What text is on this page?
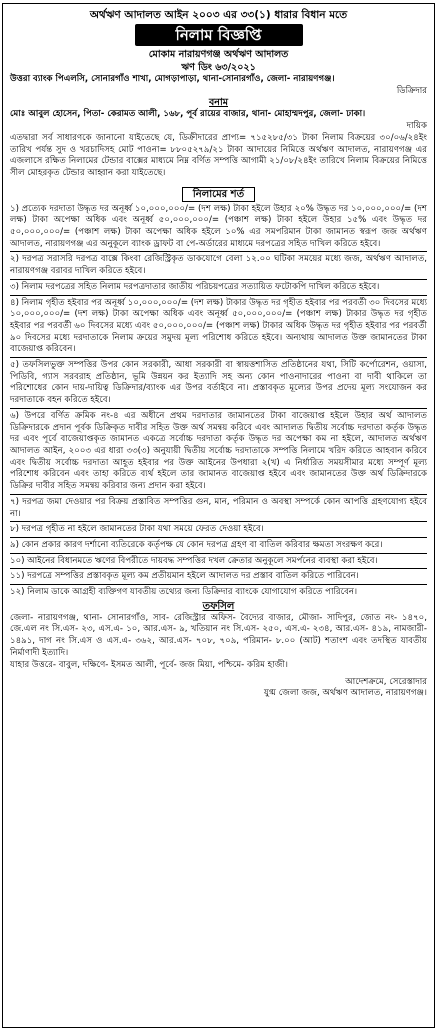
অর্থঋণ আদালত আইন ২০০৩ এর ৩৩(১) ধারার বিধান মতে
নিলাম বিজ্ঞপ্তি
মোকাম নারায়ণগঞ্জ অর্থঋণ আদালত
ঋণ ডিং ৬৩/২০২১
উত্তরা ব্যাংক পিএলসি, সোনারগাঁও শাখা, মোগড়াপাড়া, থানা-সোনারগাঁও, জেলা- নারায়ণগঞ্জ।
ডিক্রিদার
বনাম
মোঃ আবুল হোসেন, পিতা- কেরামত আলী, ১৬৮, পূর্ব রায়ের বাজার, থানা- মোহাম্মদপুর, জেলা- ঢাকা।
দায়িক

এতদ্বারা সর্ব সাধারণকে জানানো যাইতেছে যে, ডিক্রীদারের প্রাপ্য= ৭১৫২৮৫/৩১ টাকা নিলাম বিক্রয়ের ৩০/০৬/২৪ইং তারিখ পর্যন্ত সুদ ও খরচাদিসহ মোট পাওনা= ৮৮০৫২৭৯/২১ টাকা আদায়ের নিমিত্তে অর্থঋণ আদালত, নারায়ণগঞ্জ এর এজলাসে রক্ষিত নিলামের টেন্ডার বাক্সের মাধ্যমে নিম্ন বর্ণিত সম্পত্তি আগামী ২১/০৮/২৪ইং তারিখে নিলাম বিক্রয়ের নিমিত্তে সীল মোহরকৃত টেন্ডার আহ্বান করা যাইতেছে।

নিলামের শর্ত

১) প্রত্যেক দরদাতা উদ্ধৃত দর অনূর্ধ্ব ১০,০০০,০০০/= (দশ লক্ষ) টাকা হইলে উহার ২০% উদ্ধৃত দর ১০,০০০,০০০/= (দশ লক্ষ) টাকা অপেক্ষা অধিক এবং অনূর্ধ্ব ৫০,০০০,০০০/= (পঞ্চাশ লক্ষ) টাকা হইলে উহার ১৫% এবং উদ্ধৃত দর ৫০,০০০,০০০/= (পঞ্চাশ লক্ষ) টাকা অপেক্ষা অধিক হইলে ১০% এর সমপরিমান টাকা জামানত স্বরূপ জজ অর্থঋণ আদালত, নারায়ণগঞ্জ এর অনুকূলে ব্যাংক ড্রাফট বা পে-অর্ডারের মাধ্যমে দরপত্রের সহিত দাখিল করিতে হইবে।

২) দরপত্র সরাসরি দরপত্র বাক্সে কিংবা রেজিস্ট্রিকৃত ডাকযোগে বেলা ১২.০০ ঘটিকা সময়ের মধ্যে জজ, অর্থঋণ আদালত, নারায়ণগঞ্জ বরাবর দাখিল করিতে হইবে।

৩) নিলাম দরপত্রের সহিত নিলাম দরপত্রদাতার জাতীয় পরিচয়পত্রের সত্যায়িত ফটোকপি দাখিল করিতে হইবে।

৪) নিলাম গৃহীত হইবার পর অনূর্ধ্ব ১০,০০০,০০০/= (দশ লক্ষ) টাকার উদ্ধৃত দর গৃহীত হইবার পর পরবর্তী ৩০ দিবসের মধ্যে ১০,০০০,০০০/= (দশ লক্ষ) টাকা অপেক্ষা অধিক এবং অনূর্ধ্ব ৫০,০০০,০০০/= (পঞ্চাশ লক্ষ) টাকার উদ্ধৃত দর গৃহীত হইবার পর পরবর্তী ৬০ দিবসের মধ্যে এবং ৫০,০০০,০০০/= (পঞ্চাশ লক্ষ) টাকার অধিক উদ্ধৃত দর গৃহীত হইবার পর পরবর্তী ৯০ দিবসের মধ্যে দরদাতাকে নিলাম ক্রয়ের সমুদয় মূল্য পরিশোধ করিতে হইবে। অন্যথায় আদালত উক্ত জামানতের টাকা বাজেয়াপ্ত করিবেন।

৫) তফসিলভুক্ত সম্পত্তির উপর কোন সরকারী, আধা সরকারী বা স্বায়ত্তশাসিত প্রতিষ্ঠানের যথা, সিটি কর্পোরেশন, ওয়াসা, পিডিবি, গ্যাস সরবরাহ প্রতিষ্ঠান, ভূমি উন্নয়ন কর ইত্যাদি সহ অন্য কোন পাওনাদারের পাওনা বা দাবী থাকিলে তা পরিশোধের কোন দায়-দায়িত্ব ডিক্রিদার/ব্যাংক এর উপর বর্তাইবে না। প্রস্তাবকৃত মূল্যের উপর প্রদেয় মূল্য সংযোজন কর দরদাতাকে বহন করিতে হইবে।

৬) উপরে বর্ণিত ক্রমিক নং-৪ এর অধীনে প্রথম দরদাতার জামানতের টাকা বাজেয়াপ্ত হইলে উহার অর্থ আদালত ডিক্রিদারকে প্রদান পূর্বক ডিক্রিকৃত দাবীর সহিত উক্ত অর্থ সমন্বয় করিবে এবং আদালত দ্বিতীয় সর্বোচ্চ দরদাতা কর্তৃক উদ্ধৃত দর এবং পূর্বে বাজেয়াপ্তকৃত জামানত একত্রে সর্বোচ্চ দরদাতা কর্তৃক উদ্ধৃত দর অপেক্ষা কম না হইলে, আদালত অর্থঋণ আদালত আইন, ২০০৩ এর ধারা ৩৩(৩) অনুযায়ী দ্বিতীয় সর্বোচ্চ দরদাতাকে সম্পত্তি নিলামে খরিদ করিতে আহবান করিবে এবং দ্বিতীয় সর্বোচ্চ দরদাতা আহূত হইবার পর উক্ত আইনের উপধারা ২(খ) এ নির্ধারিত সময়সীমার মধ্যে সম্পূর্ণ মূল্য পরিশোধ করিবেন এবং তাহা করিতে ব্যর্থ হইলে তার জামানত বাজেয়াপ্ত হইবে এবং জামানতের উক্ত অর্থ ডিক্রিদারকে ডিক্রির দাবীর সহিত সমন্বয় করিবার জন্য প্রদান করা হইবে।

৭) দরপত্র জমা দেওয়ার পর বিক্রয় প্রস্তাবিত সম্পত্তির গুন, মান, পরিমান ও অবস্থা সম্পর্কে কোন আপত্তি গ্রহণযোগ্য হইবে না।

৮) দরপত্র গৃহীত না হইলে জামানতের টাকা যথা সময়ে ফেরত দেওয়া হইবে।

৯) কোন প্রকার কারণ দর্শানো ব্যতিরেকে কর্তৃপক্ষ যে কোন দরপত্র গ্রহণ বা বাতিল করিবার ক্ষমতা সংরক্ষণ করে।

১০) আইনের বিধানমতে ঋণের বিপরীতে দায়বদ্ধ সম্পত্তির দখল ক্রেতার অনুকূলে সমর্পনের ব্যবস্থা করা হইবে।

১১) দরপত্রে সম্পত্তির প্রস্তাবকৃত মূল্য কম প্রতীয়মান হইলে আদালত দর প্রস্তাব বাতিল করিতে পারিবেন।

১২) নিলাম ডাকে আগ্রহী ব্যক্তিগণ যাবতীয় তথ্যের জন্য ডিক্রিদার ব্যাংকে যোগাযোগ করিতে পারিবেন।

তফসিল

জেলা- নারায়ণগঞ্জ, থানা- সোনারগাঁও, সাব- রেজিস্ট্রার অফিস- বৈদ্যের বাজার, মৌজা- সাদিপুর, জোত নং- ১৪৭০, জে.এল নং সি.এস- ২৩, এস.এ- ১০, আর.এস- ৯, খতিয়ান নং সি.এস- ২৫০, এস.এ- ২৩৪, আর.এস- ৪১৯, নামজারী- ১৪৯১, দাগ নং সি.এস ও এস.এ- ৩৬২, আর.এস- ৭০৮, ৭০৯, পরিমান- ৮.০০ (আট) শতাংশ এবং তদস্থিত যাবতীয় নির্মাণাদী ইত্যাদি।

যাহার উত্তরে- বাবুল, দক্ষিণে- ইসমত আলী, পূর্বে- জজ মিয়া, পশ্চিমে- করিম হাজী।

আদেশক্রমে, সেরেস্তাদার
যুগ্ম জেলা জজ, অর্থঋণ আদালত, নারায়ণগঞ্জ।
